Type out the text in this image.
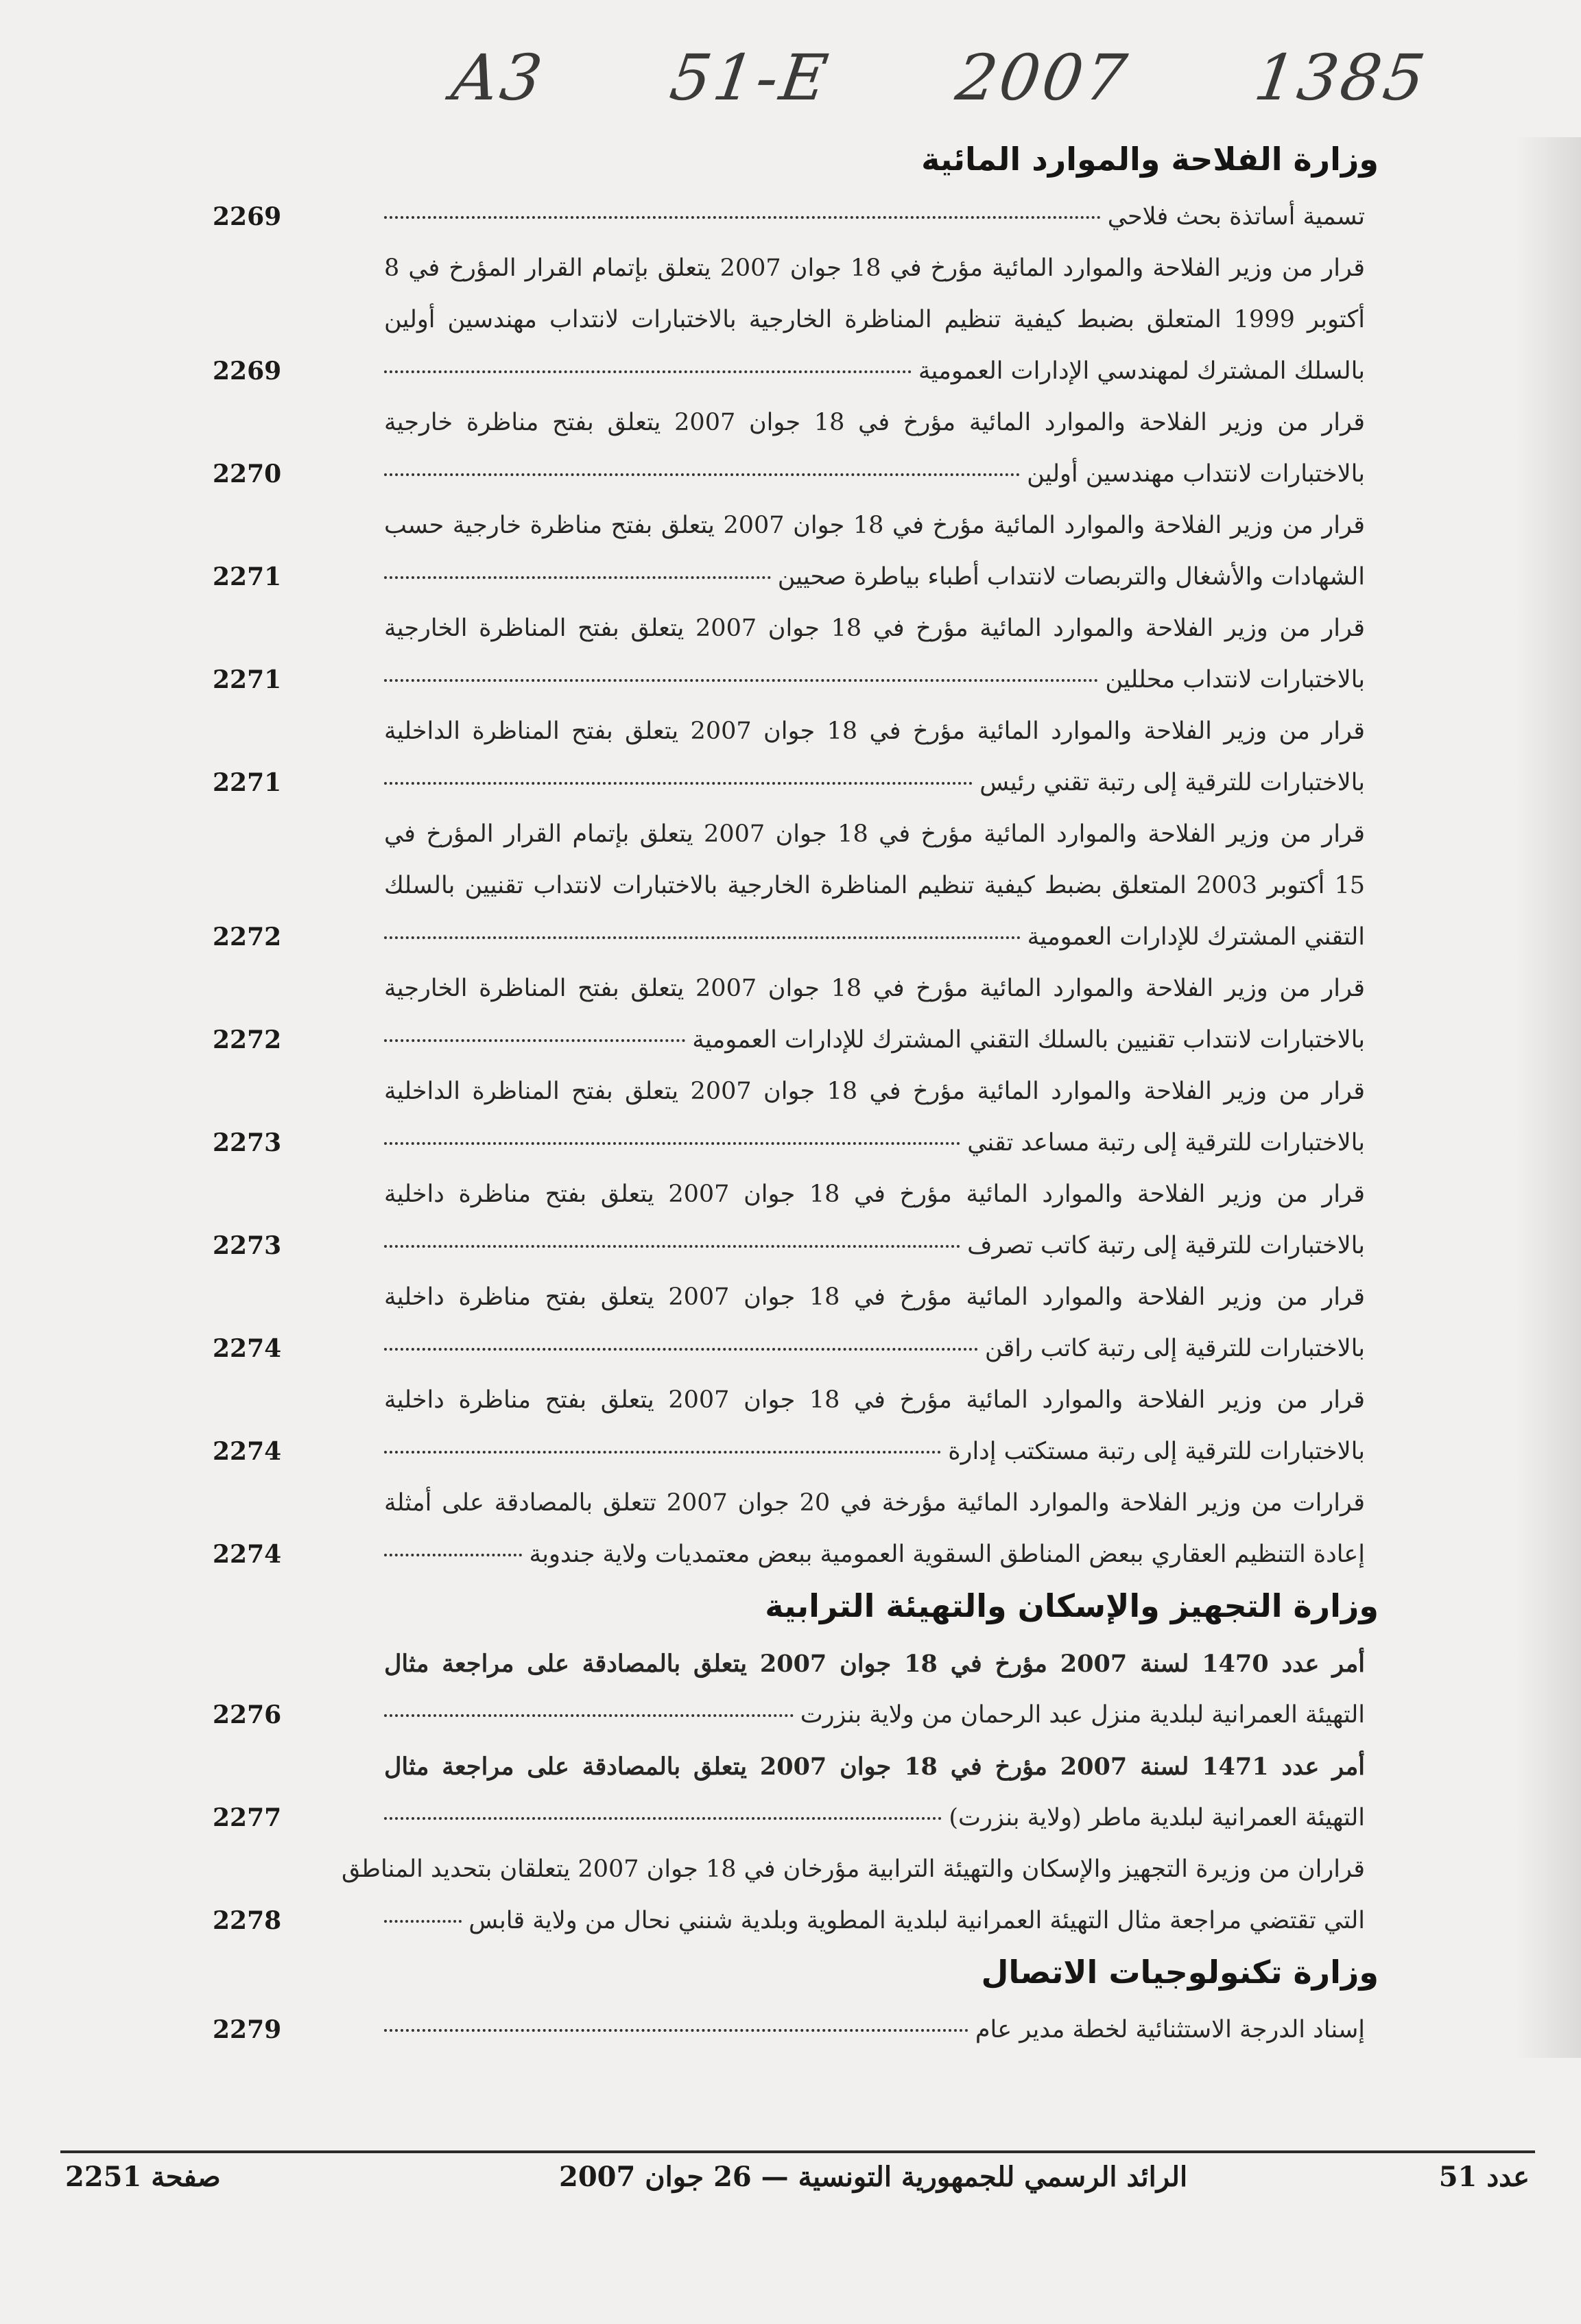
A3 51-E 2007 1385
وزارة الفلاحة والموارد المائية
تسمية أساتذة بحث فلاحي
2269
قرار من وزير الفلاحة والموارد المائية مؤرخ في 18 جوان 2007 يتعلق بإتمام القرار المؤرخ في 8
أكتوبر 1999 المتعلق بضبط كيفية تنظيم المناظرة الخارجية بالاختبارات لانتداب مهندسين أولين
بالسلك المشترك لمهندسي الإدارات العمومية
2269
قرار من وزير الفلاحة والموارد المائية مؤرخ في 18 جوان 2007 يتعلق بفتح مناظرة خارجية
بالاختبارات لانتداب مهندسين أولين
2270
قرار من وزير الفلاحة والموارد المائية مؤرخ في 18 جوان 2007 يتعلق بفتح مناظرة خارجية حسب
الشهادات والأشغال والتربصات لانتداب أطباء بياطرة صحيين
2271
قرار من وزير الفلاحة والموارد المائية مؤرخ في 18 جوان 2007 يتعلق بفتح المناظرة الخارجية
بالاختبارات لانتداب محللين
2271
قرار من وزير الفلاحة والموارد المائية مؤرخ في 18 جوان 2007 يتعلق بفتح المناظرة الداخلية
بالاختبارات للترقية إلى رتبة تقني رئيس
2271
قرار من وزير الفلاحة والموارد المائية مؤرخ في 18 جوان 2007 يتعلق بإتمام القرار المؤرخ في
15 أكتوبر 2003 المتعلق بضبط كيفية تنظيم المناظرة الخارجية بالاختبارات لانتداب تقنيين بالسلك
التقني المشترك للإدارات العمومية
2272
قرار من وزير الفلاحة والموارد المائية مؤرخ في 18 جوان 2007 يتعلق بفتح المناظرة الخارجية
بالاختبارات لانتداب تقنيين بالسلك التقني المشترك للإدارات العمومية
2272
قرار من وزير الفلاحة والموارد المائية مؤرخ في 18 جوان 2007 يتعلق بفتح المناظرة الداخلية
بالاختبارات للترقية إلى رتبة مساعد تقني
2273
قرار من وزير الفلاحة والموارد المائية مؤرخ في 18 جوان 2007 يتعلق بفتح مناظرة داخلية
بالاختبارات للترقية إلى رتبة كاتب تصرف
2273
قرار من وزير الفلاحة والموارد المائية مؤرخ في 18 جوان 2007 يتعلق بفتح مناظرة داخلية
بالاختبارات للترقية إلى رتبة كاتب راقن
2274
قرار من وزير الفلاحة والموارد المائية مؤرخ في 18 جوان 2007 يتعلق بفتح مناظرة داخلية
بالاختبارات للترقية إلى رتبة مستكتب إدارة
2274
قرارات من وزير الفلاحة والموارد المائية مؤرخة في 20 جوان 2007 تتعلق بالمصادقة على أمثلة
إعادة التنظيم العقاري ببعض المناطق السقوية العمومية ببعض معتمديات ولاية جندوبة
2274
وزارة التجهيز والإسكان والتهيئة الترابية
أمر عدد 1470 لسنة 2007 مؤرخ في 18 جوان 2007 يتعلق بالمصادقة على مراجعة مثال
التهيئة العمرانية لبلدية منزل عبد الرحمان من ولاية بنزرت
2276
أمر عدد 1471 لسنة 2007 مؤرخ في 18 جوان 2007 يتعلق بالمصادقة على مراجعة مثال
التهيئة العمرانية لبلدية ماطر (ولاية بنزرت)
2277
قراران من وزيرة التجهيز والإسكان والتهيئة الترابية مؤرخان في 18 جوان 2007 يتعلقان بتحديد المناطق
التي تقتضي مراجعة مثال التهيئة العمرانية لبلدية المطوية وبلدية شنني نحال من ولاية قابس
2278
وزارة تكنولوجيات الاتصال
إسناد الدرجة الاستثنائية لخطة مدير عام
2279
عدد 51
الرائد الرسمي للجمهورية التونسية — 26 جوان 2007
صفحة 2251
